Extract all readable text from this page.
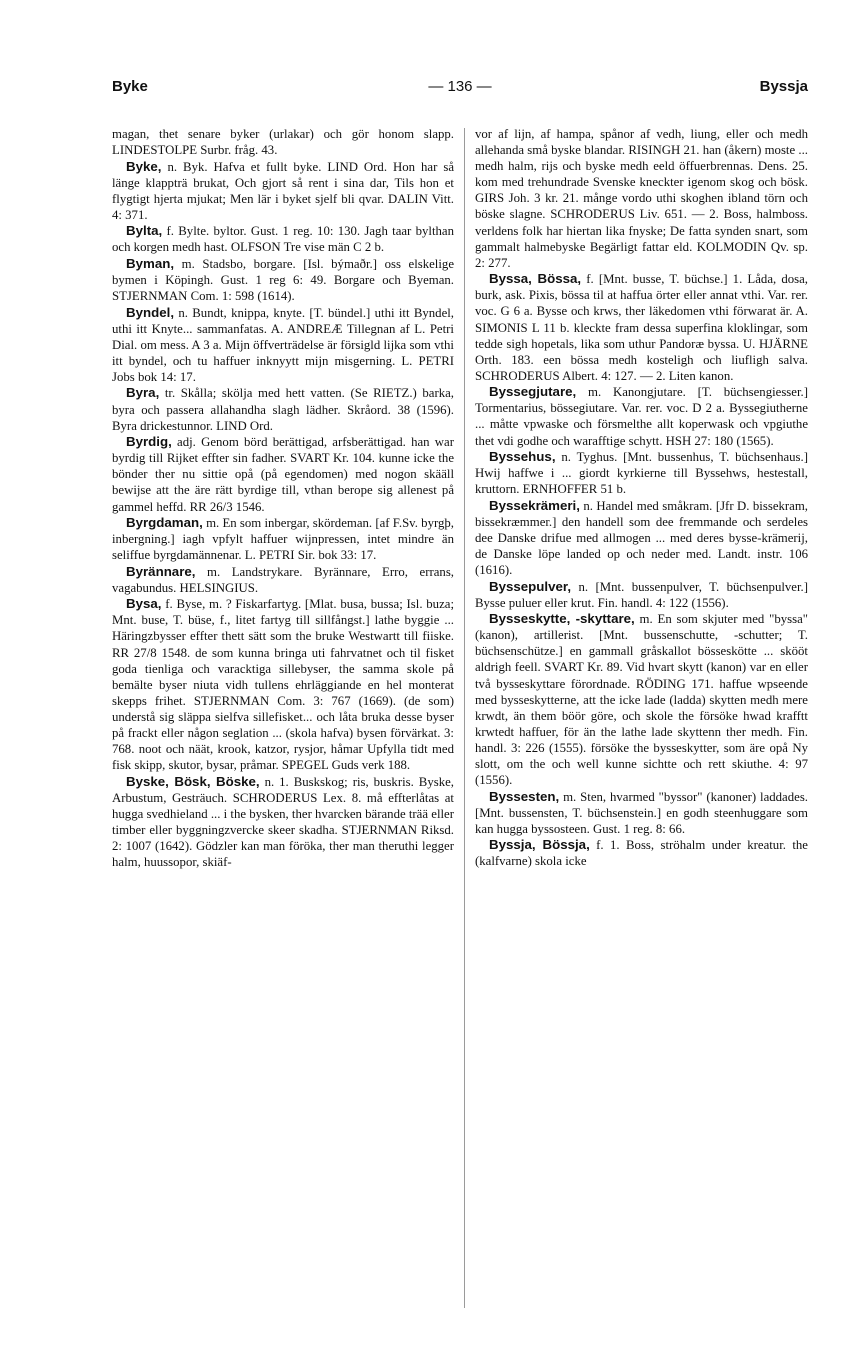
— 136 —
Byke	Byssja

magan, thet senare byker (urlakar) och gör honom slapp. LINDESTOLPE Surbr. fråg. 43.

Byke, n. Byk. Hafva et fullt byke. LIND Ord. Hon har så länge klappträ brukat, Och gjort så rent i sina dar, Tils hon et flygtigt hjerta mjukat; Men lär i byket sjelf bli qvar. DALIN Vitt. 4: 371.

Bylta, f. Bylte. byltor. Gust. 1 reg. 10: 130. Jagh taar bylthan och korgen medh hast. OLFSON Tre vise män C 2 b.

Byman, m. Stadsbo, borgare. [Isl. býmaðr.] oss elskelige bymen i Köpingh. Gust. 1 reg 6: 49. Borgare och Byeman. STJERNMAN Com. 1: 598 (1614).

Byndel, n. Bundt, knippa, knyte. [T. bündel.] uthi itt Byndel, uthi itt Knyte... sammanfatas. A. ANDREÆ Tillegnan af L. Petri Dial. om mess. A 3 a. Mijn öffverträdelse är försigld lijka som vthi itt byndel, och tu haffuer inknyytt mijn misgerning. L. PETRI Jobs bok 14: 17.

Byra, tr. Skålla; skölja med hett vatten. (Se RIETZ.) barka, byra och passera allahandha slagh lädher. Skråord. 38 (1596). Byra drickestunnor. LIND Ord.

Byrdig, adj. Genom börd berättigad, arfsberättigad. han war byrdig till Rijket effter sin fadher. SVART Kr. 104. kunne icke the bönder ther nu sittie opå (på egendomen) med nogon skääll bewijse att the äre rätt byrdige till, vthan berope sig allenest på gammel heffd. RR 26/3 1546.

Byrgdaman, m. En som inbergar, skördeman. [af F.Sv. byrgþ, inbergning.] iagh vpfylt haffuer wijnpressen, intet mindre än seliffue byrgdamännenar. L. PETRI Sir. bok 33: 17.

Byrännare, m. Landstrykare. Byrännare, Erro, errans, vagabundus. HELSINGIUS.

Bysa, f. Byse, m. ? Fiskarfartyg. [Mlat. busa, bussa; Isl. buza; Mnt. buse, T. büse, f., litet fartyg till sillfångst.] lathe byggie ... Häringzbysser effter thett sätt som the bruke Westwartt till fiiske. RR 27/8 1548. de som kunna bringa uti fahrvatnet och til fisket goda tienliga och varacktiga sillebyser, the samma skole på bemälte byser niuta vidh tullens ehrläggiande en hel monterat skepps frihet. STJERNMAN Com. 3: 767 (1669). (de som) understå sig släppa sielfva sillefisket... och låta bruka desse byser på frackt eller någon seglation ... (skola hafva) bysen förvärkat. 3: 768. noot och näät, krook, katzor, rysjor, håmar Upfylla tidt med fisk skipp, skutor, bysar, pråmar. SPEGEL Guds verk 188.

Byske, Bösk, Böske, n. 1. Buskskog; ris, buskris. Byske, Arbustum, Gesträuch. SCHRODERUS Lex. 8. må effterlåtas at hugga svedhieland ... i the bysken, ther hvarcken bärande trää eller timber eller byggningzvercke skeer skadha. STJERNMAN Riksd. 2: 1007 (1642). Gödzler kan man föröka, ther man theruthi legger halm, huussopor, skiäf-

vor af lijn, af hampa, spånor af vedh, liung, eller och medh allehanda små byske blandar. RISINGH 21. han (åkern) moste ... medh halm, rijs och byske medh eeld öffuerbrennas. Dens. 25. kom med trehundrade Svenske kneckter igenom skog och bösk. GIRS Joh. 3 kr. 21. månge vordo uthi skoghen ibland törn och böske slagne. SCHRODERUS Liv. 651. — 2. Boss, halmboss. verldens folk har hiertan lika fnyske; De fatta synden snart, som gammalt halmebyske Begärligt fattar eld. KOLMODIN Qv. sp. 2: 277.

Byssa, Bössa, f. [Mnt. busse, T. büchse.] 1. Låda, dosa, burk, ask. Pixis, bössa til at haffua örter eller annat vthi. Var. rer. voc. G 6 a. Bysse och krws, ther läkedomen vthi förwarat är. A. SIMONIS L 11 b. kleckte fram dessa superfina kloklingar, som tedde sigh hopetals, lika som uthur Pandoræ byssa. U. HJÄRNE Orth. 183. een bössa medh kosteligh och liufligh salva. SCHRODERUS Albert. 4: 127. — 2. Liten kanon.

Byssegjutare, m. Kanongjutare. [T. büchsengiesser.] Tormentarius, bössegiutare. Var. rer. voc. D 2 a. Byssegiutherne ... måtte vpwaske och försmelthe allt koperwask och vpgiuthe thet vdi godhe och warafftige schytt. HSH 27: 180 (1565).

Byssehus, n. Tyghus. [Mnt. bussenhus, T. büchsenhaus.] Hwij haffwe i ... giordt kyrkierne till Byssehws, hestestall, kruttorn. ERNHOFFER 51 b.

Byssekrämeri, n. Handel med småkram. [Jfr D. bissekram, bissekræmmer.] den handell som dee fremmande och serdeles dee Danske drifue med allmogen ... med deres bysse-krämerij, de Danske löpe landed op och neder med. Landt. instr. 106 (1616).

Byssepulver, n. [Mnt. bussenpulver, T. büchsenpulver.] Bysse puluer eller krut. Fin. handl. 4: 122 (1556).

Bysseskytte, -skyttare, m. En som skjuter med "byssa" (kanon), artillerist. [Mnt. bussenschutte, -schutter; T. büchsenschütze.] en gammall gråskallot bösseskötte ... skööt aldrigh feell. SVART Kr. 89. Vid hvart skytt (kanon) var en eller två bysseskyttare förordnade. RÖDING 171. haffue wpseende med bysseskytterne, att the icke lade (ladda) skytten medh mere krwdt, än them böör göre, och skole the försöke hwad krafftt krwtedt haffuer, för än the lathe lade skyttenn ther medh. Fin. handl. 3: 226 (1555). försöke the bysseskytter, som äre opå Ny slott, om the och well kunne sichtte och rett skiuthe. 4: 97 (1556).

Byssesten, m. Sten, hvarmed "byssor" (kanoner) laddades. [Mnt. bussensten, T. büchsenstein.] en godh steenhuggare som kan hugga byssosteen. Gust. 1 reg. 8: 66.

Byssja, Bössja, f. 1. Boss, ströhalm under kreatur. the (kalfvarne) skola icke
